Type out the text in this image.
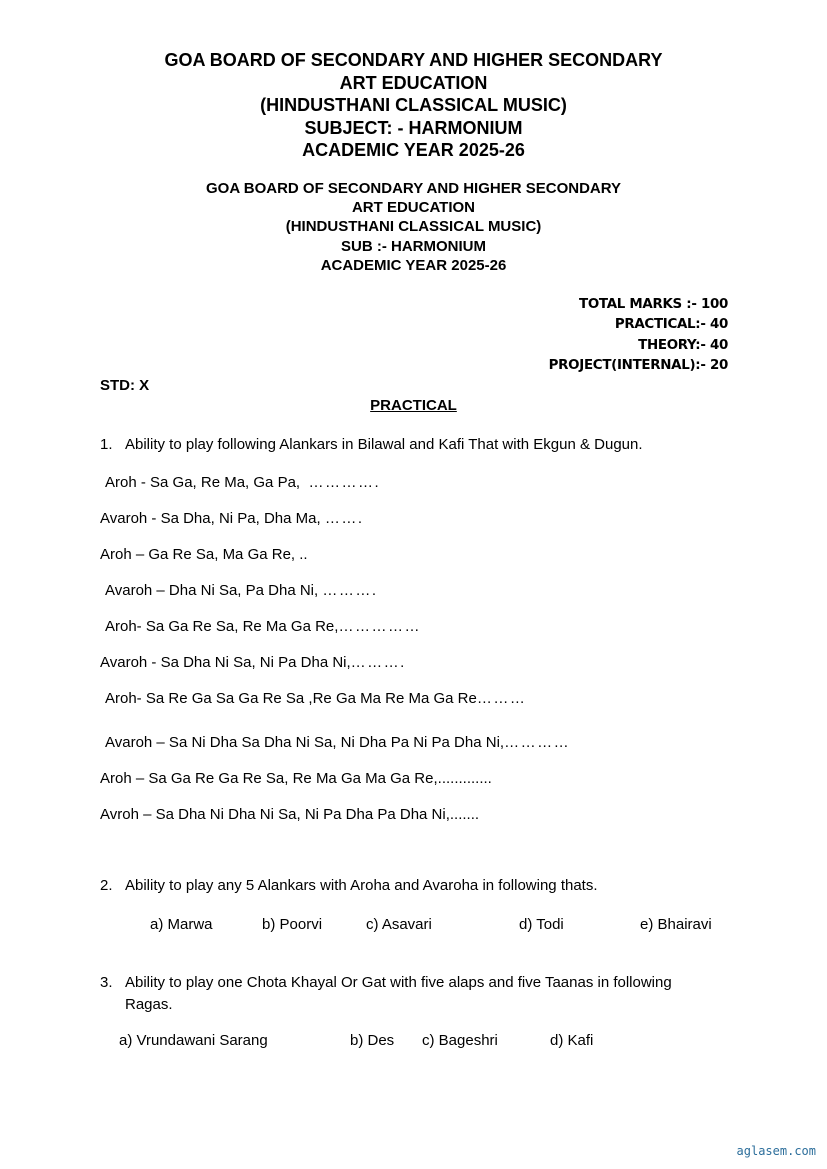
GOA BOARD OF SECONDARY AND HIGHER SECONDARY
ART EDUCATION
(HINDUSTHANI CLASSICAL MUSIC)
SUBJECT: - HARMONIUM
ACADEMIC YEAR 2025-26
GOA BOARD OF SECONDARY AND HIGHER SECONDARY
ART EDUCATION
(HINDUSTHANI CLASSICAL MUSIC)
SUB :- HARMONIUM
ACADEMIC YEAR 2025-26
TOTAL MARKS :- 100
PRACTICAL:- 40
THEORY:- 40
PROJECT(INTERNAL):- 20
STD: X
PRACTICAL
1. Ability to play following Alankars in Bilawal and Kafi That with Ekgun & Dugun.
Aroh - Sa Ga, Re Ma, Ga Pa, ………….
Avaroh - Sa Dha, Ni Pa, Dha Ma, …….
Aroh – Ga Re Sa, Ma Ga Re, ..
Avaroh – Dha Ni Sa, Pa Dha Ni, ……….
Aroh- Sa Ga Re Sa, Re Ma Ga Re,……………
Avaroh - Sa Dha Ni Sa, Ni Pa Dha Ni,……….
Aroh- Sa Re Ga Sa Ga Re Sa ,Re Ga Ma Re Ma Ga Re………
Avaroh – Sa Ni Dha Sa Dha Ni Sa, Ni Dha Pa Ni Pa Dha Ni,…………
Aroh – Sa Ga Re Ga Re Sa, Re Ma Ga Ma Ga Re,.............
Avroh – Sa Dha Ni Dha Ni Sa, Ni Pa Dha Pa Dha Ni,.......
2. Ability to play any 5 Alankars with Aroha and Avaroha in following thats.
a) Marwa	b) Poorvi	c) Asavari	d) Todi	e) Bhairavi
3. Ability to play one Chota Khayal Or Gat with five alaps and five Taanas in following
Ragas.
a) Vrundawani Sarang	b) Des c) Bageshri	d) Kafi
aglasem.com
